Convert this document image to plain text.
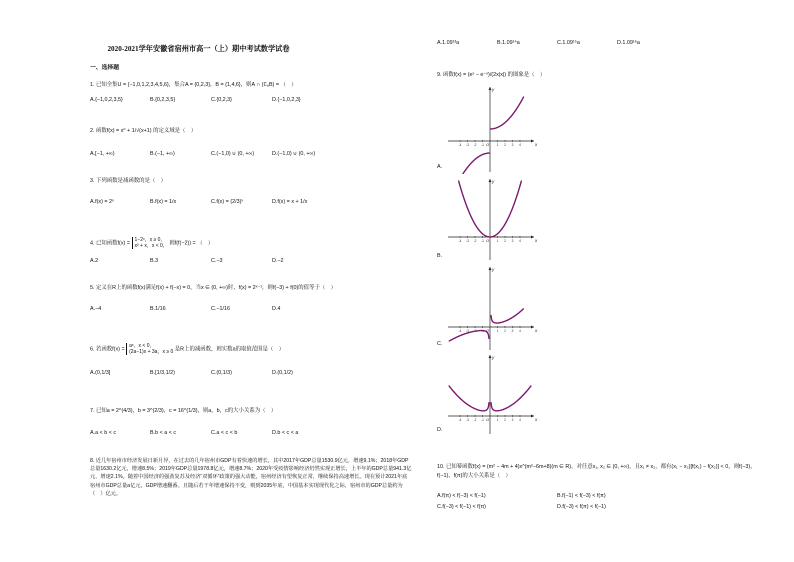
2020-2021学年安徽省宿州市高一（上）期中考试数学试卷
一、选择题
1. 已知全集U = {−1,0,1,2,3,4,5,6}，集合A = {0,2,3}，B = {1,4,6}，则A ∩ (∁ᵤB) = （　）
A.{−1,0,2,3,5}	B.{0,2,3,5}	C.{0,2,3}	D.{−1,0,2,3}
2. 函数f(x) = x⁰ + 1/√(x+1) 的定义域是（　）
A.[−1, +∞)	B.(−1, +∞)	C.(−1,0) ∪ (0, +∞)	D.(−1,0) ∪ (0, +∞)
3. 下列函数是减函数的是（　）
A.f(x) = 2ˣ	B.f(x) = 1/x	C.f(x) = (2/3)ˣ	D.f(x) = x + 1/x
4. 已知函数f(x) =
1−2ˣ，x ≥ 0，
x² + x，x < 0， 则f(f(−2)) = （　）
A.2	B.3	C.−3	D.−2
5. 定义在R上的函数f(x)满足f(x) + f(−x) = 0，当x ∈ (0, +∞)时，f(x) = 2ˣ⁻¹，则f(−3) + f(0)的值等于（　）
A.−4	B.1/16	C.−1/16	D.4
6. 若函数f(x) =
aˣ，x < 0，
(2a−1)x + 3a，x ≥ 0 是R上的减函数，则实数a的取值范围是（　）
A.(0,1/3]	B.[1/3,1/2)	C.(0,1/3)	D.(0,1/2)
7. 已知a = 2^(4/3)，b = 3^(2/3)，c = 16^(1/3)，则a，b，c的大小关系为（　）
A.a < b < c	B.b < a < c	C.a < c < b	D.b < c < a
8. 近几年宿州市经济发展日新月异，在过去的几年宿州市GDP有着快速的增长，其中2017年GDP总量1530.9亿元，增速9.1%；2018年GDP总量1630.2亿元，增速8.5%；2019年GDP总量1978.8亿元，增速8.7%；2020年受疫情影响经济仍然实现正增长，上半年的GDP总量941.3亿元，增速2.1%。随着中国经济的强劲复苏及经济“双循环”政策的强大动能，宿州经济有望恢复正常，继续保持高速增长。现在预计2021年底宿州市GDP总量a亿元，GDP增速翻番。且随后若干年增速保持不变，则到2035年底，中国基本实现现代化之际，宿州市的GDP总量约为（　）亿元。
A.1.09¹³a	B.1.09¹⁴a	C.1.09¹⁵a	D.1.09¹⁶a
9. 函数f(x) = (eˣ − e⁻ˣ)/(2x|x|) 的图象是（　）
A.
-4 -3 -2 -1	1 2 3 4	x
y
O
B.
-4 -3 -2 -1	1 2 3 4	x
y
O
C.
-4 -3 -2 -1	1 2 3 4	x
y
O
D.
-4 -3 -2 -1	1 2 3 4	x
y
O
10. 已知幂函数f(x) = (m² − 4m + 4)x^(m²−6m+8)(m ∈ R)，对任意x₁, x₂ ∈ (0, +∞)，且x₁ ≠ x₂，都有(x₁ − x₂)[f(x₁) − f(x₂)] < 0，则f(−3)，f(−1)，f(π)的大小关系是（　）
A.f(π) < f(−3) < f(−1)	B.f(−1) < f(−3) < f(π)
C.f(−3) < f(−1) < f(π)	D.f(−3) < f(π) < f(−1)
